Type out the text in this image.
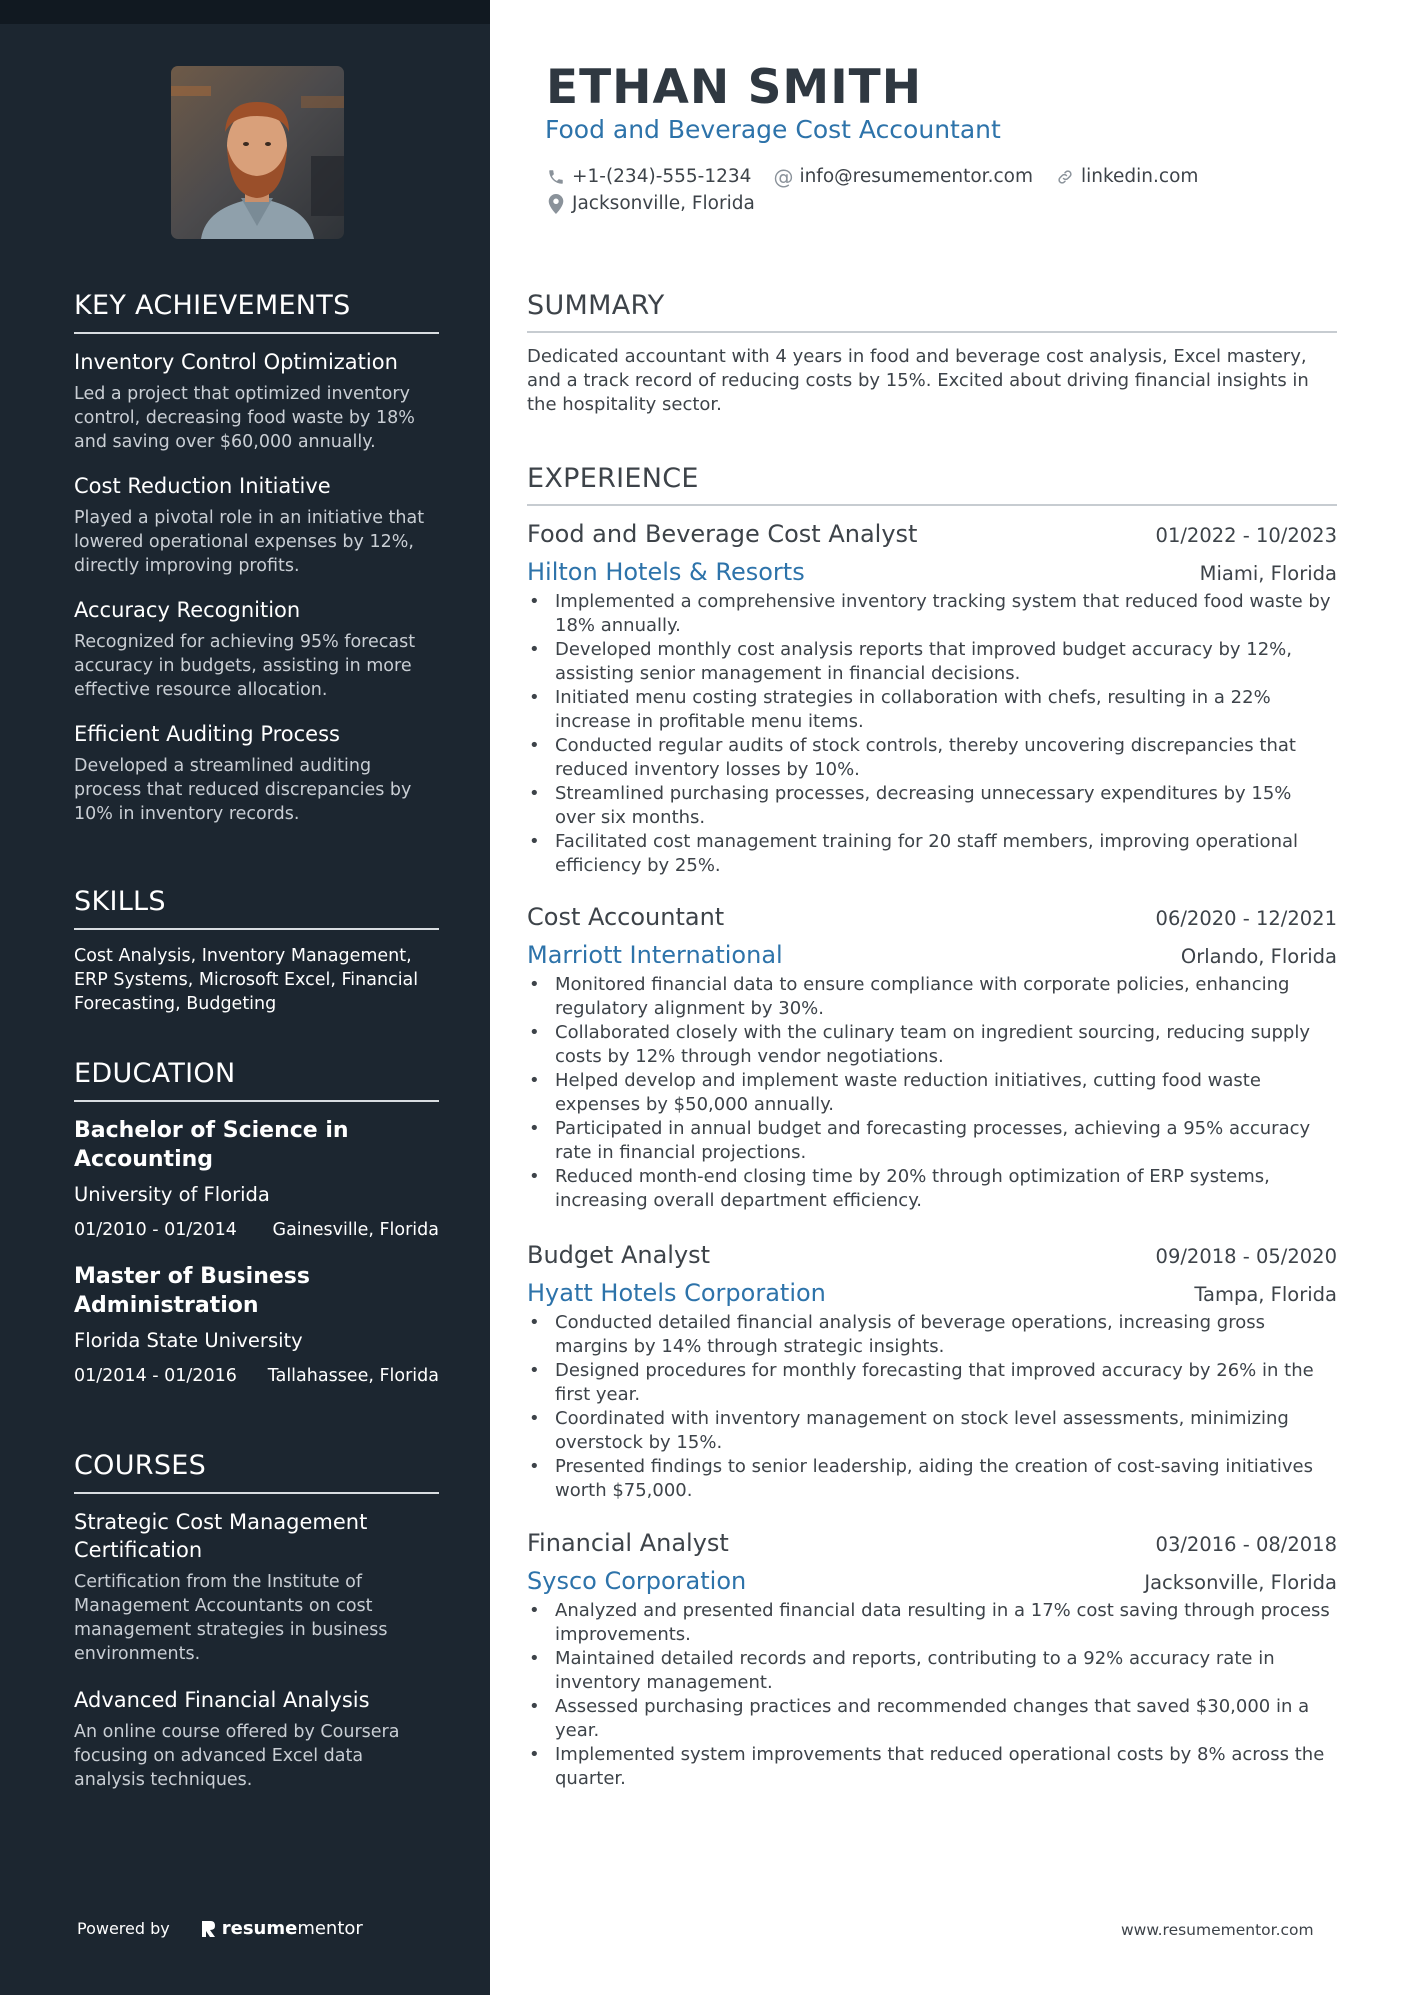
KEY ACHIEVEMENTS
Inventory Control Optimization
Led a project that optimized inventory control, decreasing food waste by 18% and saving over $60,000 annually.
Cost Reduction Initiative
Played a pivotal role in an initiative that lowered operational expenses by 12%, directly improving profits.
Accuracy Recognition
Recognized for achieving 95% forecast accuracy in budgets, assisting in more effective resource allocation.
Efficient Auditing Process
Developed a streamlined auditing process that reduced discrepancies by 10% in inventory records.
SKILLS
Cost Analysis, Inventory Management, ERP Systems, Microsoft Excel, Financial Forecasting, Budgeting
EDUCATION
Bachelor of Science in Accounting
University of Florida
01/2010 - 01/2014 Gainesville, Florida
Master of Business Administration
Florida State University
01/2014 - 01/2016 Tallahassee, Florida
COURSES
Strategic Cost Management Certification
Certification from the Institute of Management Accountants on cost management strategies in business environments.
Advanced Financial Analysis
An online course offered by Coursera focusing on advanced Excel data analysis techniques.
Powered by	resume mentor
ETHAN SMITH
Food and Beverage Cost Accountant
+1-(234)-555-1234 @ info@resumementor.com	linkedin.com
Jacksonville, Florida
SUMMARY
Dedicated accountant with 4 years in food and beverage cost analysis, Excel mastery, and a track record of reducing costs by 15%. Excited about driving financial insights in the hospitality sector.
EXPERIENCE
Food and Beverage Cost Analyst	01/2022 - 10/2023
Hilton Hotels & Resorts	Miami, Florida
• Implemented a comprehensive inventory tracking system that reduced food waste by 18% annually.
• Developed monthly cost analysis reports that improved budget accuracy by 12%, assisting senior management in financial decisions.
• Initiated menu costing strategies in collaboration with chefs, resulting in a 22% increase in profitable menu items.
• Conducted regular audits of stock controls, thereby uncovering discrepancies that reduced inventory losses by 10%.
• Streamlined purchasing processes, decreasing unnecessary expenditures by 15% over six months.
• Facilitated cost management training for 20 staff members, improving operational efficiency by 25%.
Cost Accountant	06/2020 - 12/2021
Marriott International	Orlando, Florida
• Monitored financial data to ensure compliance with corporate policies, enhancing regulatory alignment by 30%.
• Collaborated closely with the culinary team on ingredient sourcing, reducing supply costs by 12% through vendor negotiations.
• Helped develop and implement waste reduction initiatives, cutting food waste expenses by $50,000 annually.
• Participated in annual budget and forecasting processes, achieving a 95% accuracy rate in financial projections.
• Reduced month-end closing time by 20% through optimization of ERP systems, increasing overall department efficiency.
Budget Analyst	09/2018 - 05/2020
Hyatt Hotels Corporation	Tampa, Florida
• Conducted detailed financial analysis of beverage operations, increasing gross margins by 14% through strategic insights.
• Designed procedures for monthly forecasting that improved accuracy by 26% in the first year.
• Coordinated with inventory management on stock level assessments, minimizing overstock by 15%.
• Presented findings to senior leadership, aiding the creation of cost-saving initiatives worth $75,000.
Financial Analyst	03/2016 - 08/2018
Sysco Corporation	Jacksonville, Florida
• Analyzed and presented financial data resulting in a 17% cost saving through process improvements.
• Maintained detailed records and reports, contributing to a 92% accuracy rate in inventory management.
• Assessed purchasing practices and recommended changes that saved $30,000 in a year.
• Implemented system improvements that reduced operational costs by 8% across the quarter.
www.resumementor.com
